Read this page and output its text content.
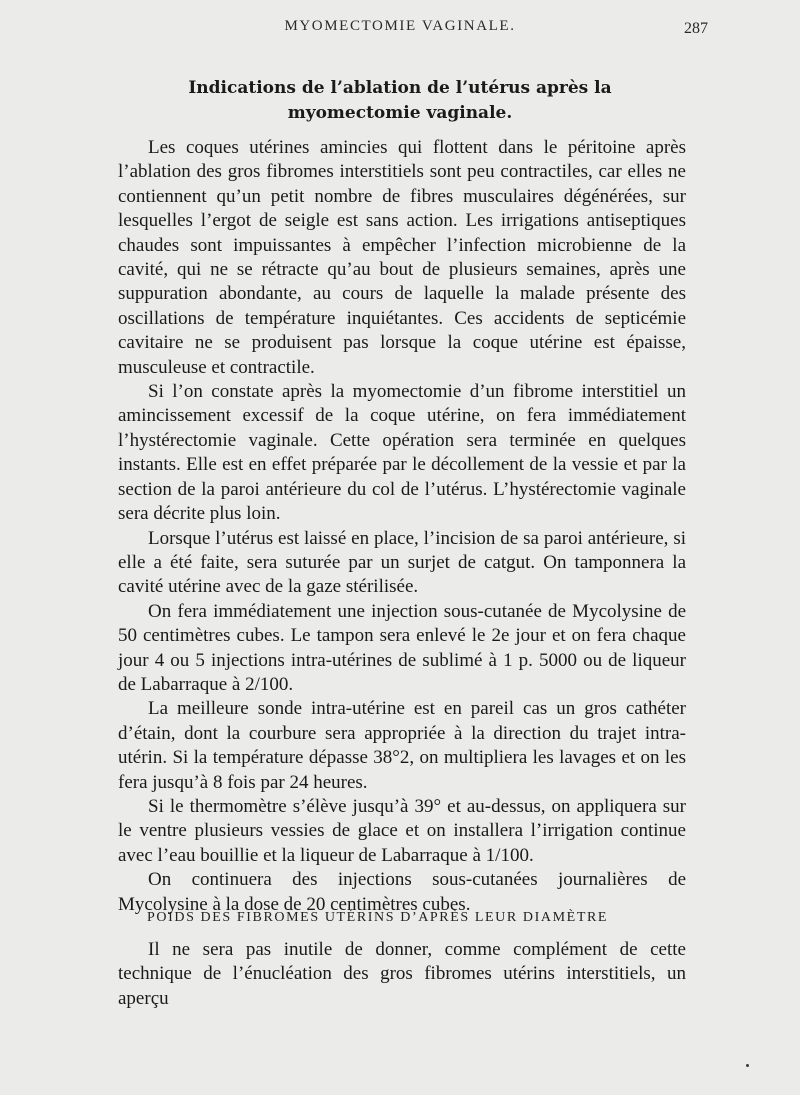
MYOMECTOMIE VAGINALE.	287
Indications de l’ablation de l’utérus après la myomectomie vaginale.

Les coques utérines amincies qui flottent dans le péritoine après l’ablation des gros fibromes interstitiels sont peu contractiles, car elles ne contiennent qu’un petit nombre de fibres musculaires dégénérées, sur lesquelles l’ergot de seigle est sans action. Les irrigations antiseptiques chaudes sont impuissantes à empêcher l’infection microbienne de la cavité, qui ne se rétracte qu’au bout de plusieurs semaines, après une suppuration abondante, au cours de laquelle la malade présente des oscillations de température inquiétantes. Ces accidents de septicémie cavitaire ne se produisent pas lorsque la coque utérine est épaisse, musculeuse et contractile.

Si l’on constate après la myomectomie d’un fibrome interstitiel un amincissement excessif de la coque utérine, on fera immédiatement l’hystérectomie vaginale. Cette opération sera terminée en quelques instants. Elle est en effet préparée par le décollement de la vessie et par la section de la paroi antérieure du col de l’utérus. L’hystérectomie vaginale sera décrite plus loin.

Lorsque l’utérus est laissé en place, l’incision de sa paroi antérieure, si elle a été faite, sera suturée par un surjet de catgut. On tamponnera la cavité utérine avec de la gaze stérilisée.

On fera immédiatement une injection sous-cutanée de Mycolysine de 50 centimètres cubes. Le tampon sera enlevé le 2e jour et on fera chaque jour 4 ou 5 injections intra-utérines de sublimé à 1 p. 5000 ou de liqueur de Labarraque à 2/100.

La meilleure sonde intra-utérine est en pareil cas un gros cathéter d’étain, dont la courbure sera appropriée à la direction du trajet intra-utérin. Si la température dépasse 38°2, on multipliera les lavages et on les fera jusqu’à 8 fois par 24 heures.

Si le thermomètre s’élève jusqu’à 39° et au-dessus, on appliquera sur le ventre plusieurs vessies de glace et on installera l’irrigation continue avec l’eau bouillie et la liqueur de Labarraque à 1/100.

On continuera des injections sous-cutanées journalières de Mycolysine à la dose de 20 centimètres cubes.

POIDS DES FIBROMES UTÉRINS D’APRÈS LEUR DIAMÈTRE

Il ne sera pas inutile de donner, comme complément de cette technique de l’énucléation des gros fibromes utérins interstitiels, un aperçu
